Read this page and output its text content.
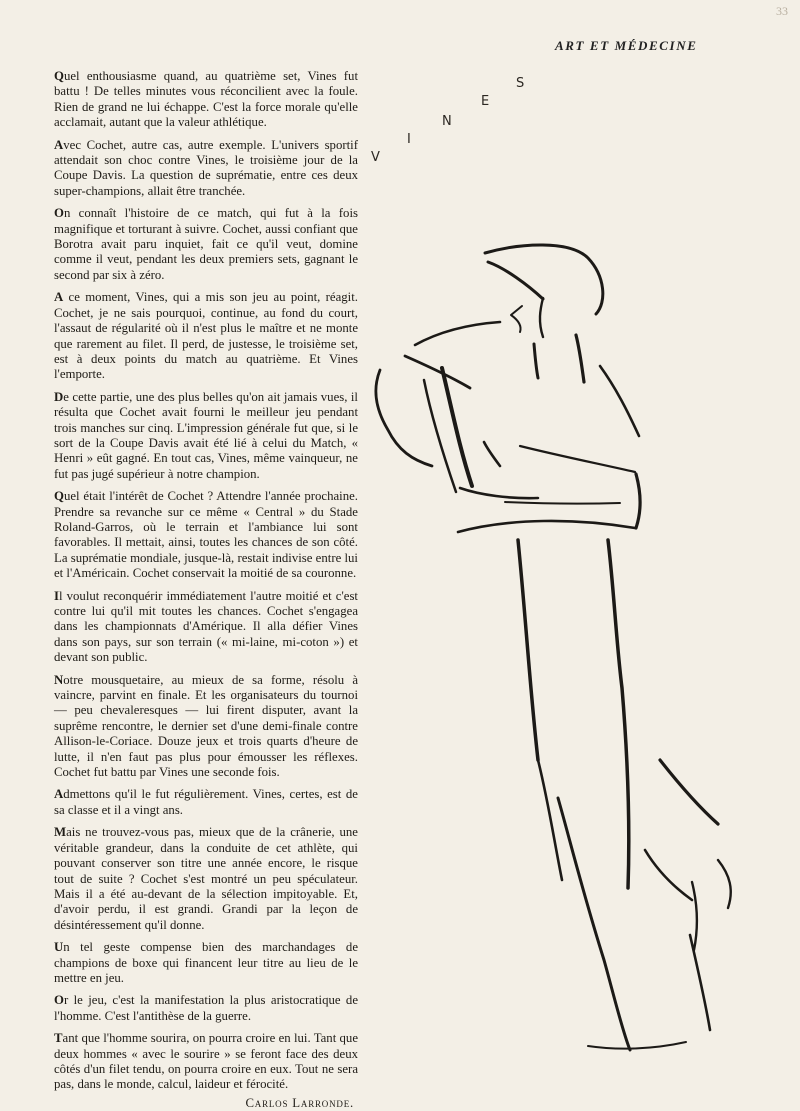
33
ART ET MÉDECINE
V
I
N
E
S

Quel enthousiasme quand, au quatrième set, Vines fut battu ! De telles minutes vous réconcilient avec la foule. Rien de grand ne lui échappe. C'est la force morale qu'elle acclamait, autant que la valeur athlétique.

Avec Cochet, autre cas, autre exemple. L'univers sportif attendait son choc contre Vines, le troisième jour de la Coupe Davis. La question de suprématie, entre ces deux super-champions, allait être tranchée.

On connaît l'histoire de ce match, qui fut à la fois magnifique et torturant à suivre. Cochet, aussi confiant que Borotra avait paru inquiet, fait ce qu'il veut, domine comme il veut, pendant les deux premiers sets, gagnant le second par six à zéro.

A ce moment, Vines, qui a mis son jeu au point, réagit. Cochet, je ne sais pourquoi, continue, au fond du court, l'assaut de régularité où il n'est plus le maître et ne monte que rarement au filet. Il perd, de justesse, le troisième set, est à deux points du match au quatrième. Et Vines l'emporte.

De cette partie, une des plus belles qu'on ait jamais vues, il résulta que Cochet avait fourni le meilleur jeu pendant trois manches sur cinq. L'impression générale fut que, si le sort de la Coupe Davis avait été lié à celui du Match, « Henri » eût gagné. En tout cas, Vines, même vainqueur, ne fut pas jugé supérieur à notre champion.

Quel était l'intérêt de Cochet ? Attendre l'année prochaine. Prendre sa revanche sur ce même « Central » du Stade Roland-Garros, où le terrain et l'ambiance lui sont favorables. Il mettait, ainsi, toutes les chances de son côté. La suprématie mondiale, jusque-là, restait indivise entre lui et l'Américain. Cochet conservait la moitié de sa couronne.

Il voulut reconquérir immédiatement l'autre moitié et c'est contre lui qu'il mit toutes les chances. Cochet s'engagea dans les championnats d'Amérique. Il alla défier Vines dans son pays, sur son terrain (« mi-laine, mi-coton ») et devant son public.

Notre mousquetaire, au mieux de sa forme, résolu à vaincre, parvint en finale. Et les organisateurs du tournoi — peu chevaleresques — lui firent disputer, avant la suprême rencontre, le dernier set d'une demi-finale contre Allison-le-Coriace. Douze jeux et trois quarts d'heure de lutte, il n'en faut pas plus pour émousser les réflexes. Cochet fut battu par Vines une seconde fois.

Admettons qu'il le fut régulièrement. Vines, certes, est de sa classe et il a vingt ans.

Mais ne trouvez-vous pas, mieux que de la crânerie, une véritable grandeur, dans la conduite de cet athlète, qui pouvant conserver son titre une année encore, le risque tout de suite ? Cochet s'est montré un peu spéculateur. Mais il a été au-devant de la sélection impitoyable. Et, d'avoir perdu, il est grandi. Grandi par la leçon de désintéressement qu'il donne.

Un tel geste compense bien des marchandages de champions de boxe qui financent leur titre au lieu de le mettre en jeu.

Or le jeu, c'est la manifestation la plus aristocratique de l'homme. C'est l'antithèse de la guerre.

Tant que l'homme sourira, on pourra croire en lui. Tant que deux hommes « avec le sourire » se feront face des deux côtés d'un filet tendu, on pourra croire en eux. Tout ne sera pas, dans le monde, calcul, laideur et férocité.

Carlos Larronde.
